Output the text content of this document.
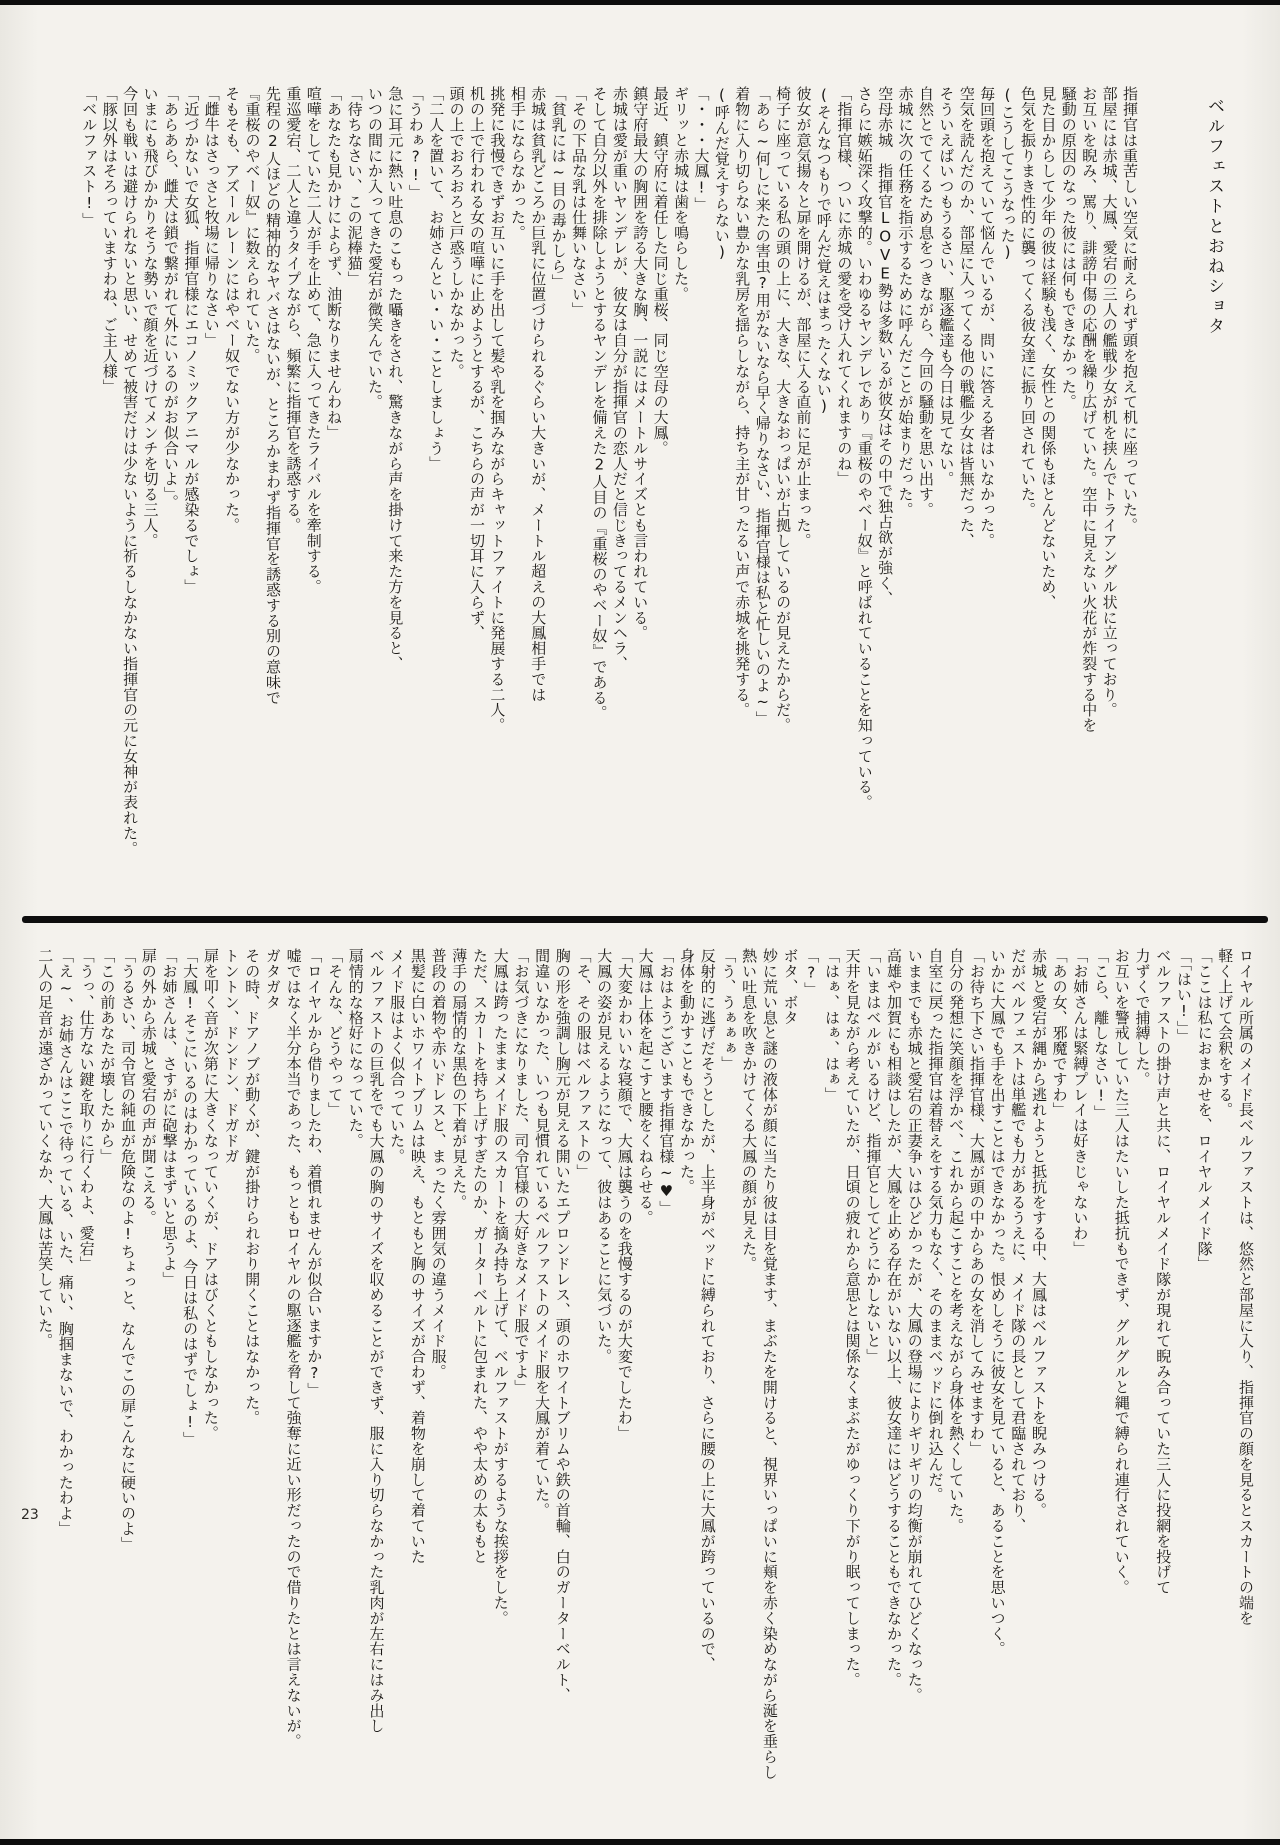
ベルフェストとおねショタ

指揮官は重苦しい空気に耐えられず頭を抱えて机に座っていた。

部屋には赤城、大鳳、愛宕の三人の艦戦少女が机を挟んでトライアングル状に立っており。

お互いを睨み、罵り、誹謗中傷の応酬を繰り広げていた。空中に見えない火花が炸裂する中を

騒動の原因のなった彼には何もできなかった。

見た目からして少年の彼は経験も浅く、女性との関係もほとんどないため、

色気を振りまき性的に襲ってくる彼女達に振り回されていた。

(こうしてこうなった)

毎回頭を抱えていて悩んでいるが、問いに答える者はいなかった。

空気を読んだのか、部屋に入ってくる他の戦艦少女は皆無だった、

そういえばいつもうるさい、駆逐艦達も今日は見てない。

自然とでてくるため息をつきながら、今回の騒動を思い出す。

赤城に次の任務を指示するために呼んだことが始まりだった。

空母赤城　指揮官LOVE勢は多数いるが彼女はその中で独占欲が強く、

さらに嫉妬深く攻撃的。いわゆるヤンデレであり『重桜のやベー奴』と呼ばれていることを知っている。

「指揮官様、ついに赤城の愛を受け入れてくれますのね」

(そんなつもりで呼んだ覚えはまったくない)

彼女が意気揚々と扉を開けるが、部屋に入る直前に足が止まった。

椅子に座っている私の頭の上に、大きな、大きなおっぱいが占拠しているのが見えたからだ。

「あら~何しに来たの害虫?用がないなら早く帰りなさい、指揮官様は私と忙しいのよ~」

着物に入り切らない豊かな乳房を揺らしながら、持ち主が甘ったるい声で赤城を挑発する。

(呼んだ覚えすらない)

「・・・大鳳!」

ギリッと赤城は歯を鳴らした。

最近、鎮守府に着任した同じ重桜、同じ空母の大鳳。

鎮守府最大の胸囲を誇る大きな胸、一説にはメートルサイズとも言われている。

赤城は愛が重いヤンデレが、彼女は自分が指揮官の恋人だと信じきってるメンヘラ、

そして自分以外を排除しようとするヤンデレを備えた2人目の『重桜のやベー奴』である。

「その下品な乳は仕舞いなさい」

「貧乳には~目の毒かしら」

赤城は貧乳どころか巨乳に位置づけられるぐらい大きいが、メートル超えの大鳳相手では

相手にならなかった。

挑発に我慢できずお互いに手を出して髪や乳を掴みながらキャットファイトに発展する二人。

机の上で行われる女の喧嘩に止めようとするが、こちらの声が一切耳に入らず、

頭の上でおろおろと戸惑うしかなかった。

「二人を置いて、お姉さんとい・い・ことしましょう」

「うわぁ?!」

急に耳元に熱い吐息のこもった囁きをされ、驚きながら声を掛けて来た方を見ると、

いつの間にか入ってきた愛宕が微笑んでいた。

「待ちなさい、この泥棒猫」

「あなたも見かけによらず、油断なりませんわね」

喧嘩をしていた二人が手を止めて、急に入ってきたライバルを牽制する。

重巡愛宕、二人と違うタイプながら、頻繁に指揮官を誘惑する。

先程の2人ほどの精神的なヤバさはないが、ところかまわず指揮官を誘惑する別の意味で

『重桜のやベー奴』に数えられていた。

そもそも、アズールレーンにはやベー奴でない方が少なかった。

「雌牛はさっさと牧場に帰りなさい」

「近づかないで女狐、指揮官様にエコノミックアニマルが感染るでしょ」

「あらあら、雌犬は鎖で繋がれて外にいるのがお似合いよ」。

いまにも飛びかかりそうな勢いで顔を近づけてメンチを切る三人。

今回も戦いは避けられないと思い、せめて被害だけは少ないように祈るしなかない指揮官の元に女神が表れた。

「豚以外はそろっていますわね、ご主人様」

「ベルファスト!」

ロイヤル所属のメイド長ベルファストは、悠然と部屋に入り、指揮官の顔を見るとスカートの端を

軽く上げて会釈をする。

「ここは私におまかせを、ロイヤルメイド隊」

「「はい!」」

ベルファストの掛け声と共に、ロイヤルメイド隊が現れて睨み合っていた三人に投網を投げて

力ずくで捕縛した。

お互いを警戒していた三人はたいした抵抗もできず、グルグルと縄で縛られ連行されていく。

「こら、離しなさい!」

「お姉さんは緊縛プレイは好きじゃないわ」

「あの女、邪魔ですわ」

赤城と愛宕が縄から逃れようと抵抗をする中、大鳳はベルファストを睨みつける。

だがベルフェストは単艦でも力があるうえに、メイド隊の長として君臨されており、

いかに大鳳でも手を出すことはできなかった。恨めしそうに彼女を見ていると、あることを思いつく。

「お待ち下さい指揮官様、大鳳が頭の中からあの女を消してみせますわ」

自分の発想に笑顔を浮かべ、これから起こすことを考えながら身体を熱くしていた。

自室に戻った指揮官は着替えをする気力もなく、そのままベッドに倒れ込んだ。

いままでも赤城と愛宕の正妻争いはひどかったが、大鳳の登場によりギリギリの均衡が崩れてひどくなった。

高雄や加賀にも相談はしたが、大鳳を止める存在がいない以上、彼女達にはどうすることもできなかった。

「いまはベルがいるけど、指揮官としてどうにかしないと」

天井を見ながら考えていたが、日頃の疲れから意思とは関係なくまぶたがゆっくり下がり眠ってしまった。

「はぁ、はぁ、はぁ」

「?」

ボタ、ボタ

妙に荒い息と謎の液体が顔に当たり彼は目を覚ます、まぶたを開けると、視界いっぱいに頬を赤く染めながら涎を垂らし

熱い吐息を吹きかけてくる大鳳の顔が見えた。

「う、うぁぁぁ」

反射的に逃げだそうとしたが、上半身がベッドに縛られており、さらに腰の上に大鳳が跨っているので、

身体を動かすこともできなかった。

「おはようございます指揮官様~♥」

大鳳は上体を起こすと腰をくねらせる。

「大変かわいいな寝顔で、大鳳は襲うのを我慢するのが大変でしたわ」

大鳳の姿が見えるようになって、彼はあることに気づいた。

「そ、その服はベルファストの」

胸の形を強調し胸元が見える開いたエプロンドレス、頭のホワイトブリムや鉄の首輪、白のガーターベルト、

間違いなかった、いつも見慣れているベルファストのメイド服を大鳳が着ていた。

「お気づきになりました、司令官様の大好きなメイド服ですよ」

大鳳は跨ったままメイド服のスカートを摘み持ち上げて、ベルファストがするような挨拶をした。

ただ、スカートを持ち上げすぎたのか、ガーターベルトに包まれた、やや太めの太ももと

薄手の扇情的な黒色の下着が見えた。

普段の着物や赤いドレスと、まったく雰囲気の違うメイド服。

黒髪に白いホワイトブリムは映え、もともと胸のサイズが合わず、着物を崩して着ていた

メイド服はよく似合っていた。

ベルファストの巨乳をでも大鳳の胸のサイズを収めることができず、服に入り切らなかった乳肉が左右にはみ出し

扇情的な格好になっていた。

「そんな、どうやって」

「ロイヤルから借りましたわ、着慣れませんが似合いますか?」

嘘ではなく半分本当であった、もっともロイヤルの駆逐艦を脅して強奪に近い形だったので借りたとは言えないが。

ガタガタ

その時、ドアノブが動くが、鍵が掛けられおり開くことはなかった。

トントン、ドンドン、ドガドガ

扉を叩く音が次第に大きくなっていくが、ドアはびくともしなかった。

「大鳳!そこにいるのはわかっているのよ、今日は私のはずでしょ!」

「お姉さんは、さすがに砲撃はまずいと思うよ」

扉の外から赤城と愛宕の声が聞こえる。

「うるさい、司令官の純血が危険なのよ!ちょっと、なんでこの扉こんなに硬いのよ」

「この前あなたが壊したから」

「うっ、仕方ない鍵を取りに行くわよ、愛宕」

「え~、お姉さんはここで待っている、いた、痛い、胸掴まないで、わかったわよ」

二人の足音が遠ざかっていくなか、大鳳は苦笑していた。

23
